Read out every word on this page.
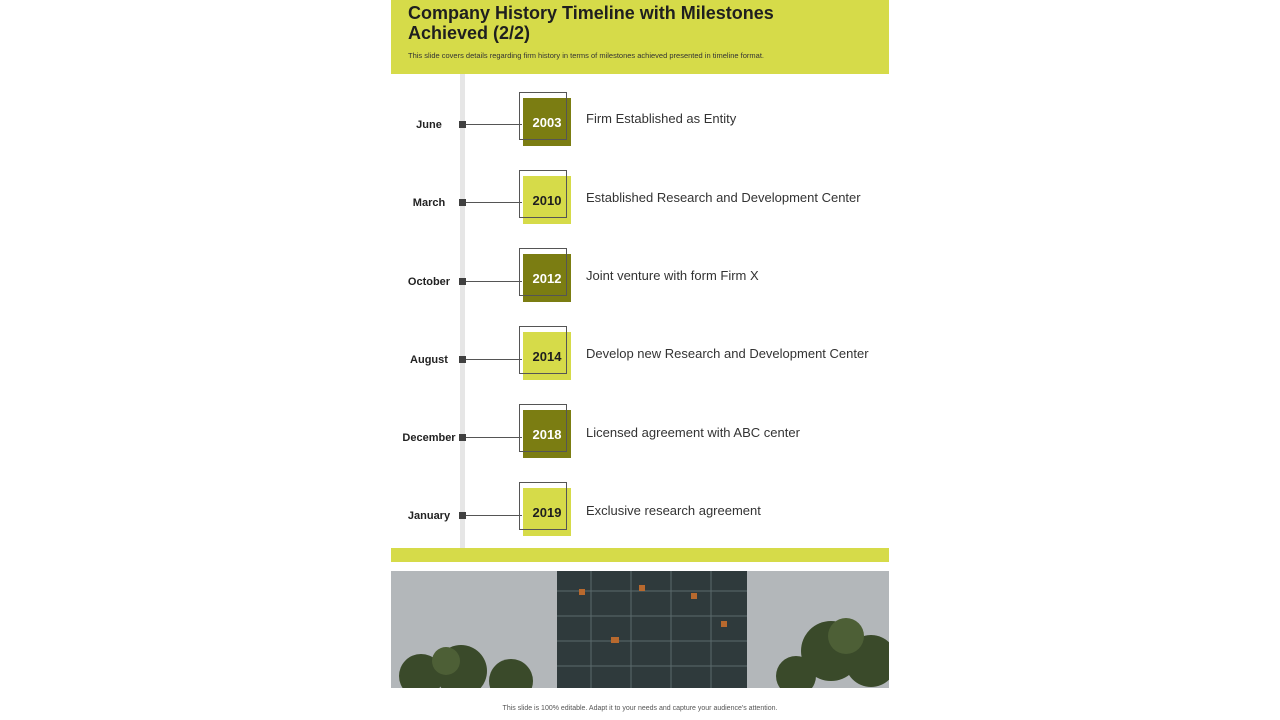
Company History Timeline with Milestones Achieved (2/2)
This slide covers details regarding firm history in terms of milestones achieved presented in timeline format.
June	2003	Firm Established as Entity
March	2010	Established Research and Development Center
October	2012	Joint venture with form Firm X
August	2014	Develop new Research and Development Center
December	2018	Licensed agreement with ABC center
January	2019	Exclusive research agreement
This slide is 100% editable. Adapt it to your needs and capture your audience's attention.
